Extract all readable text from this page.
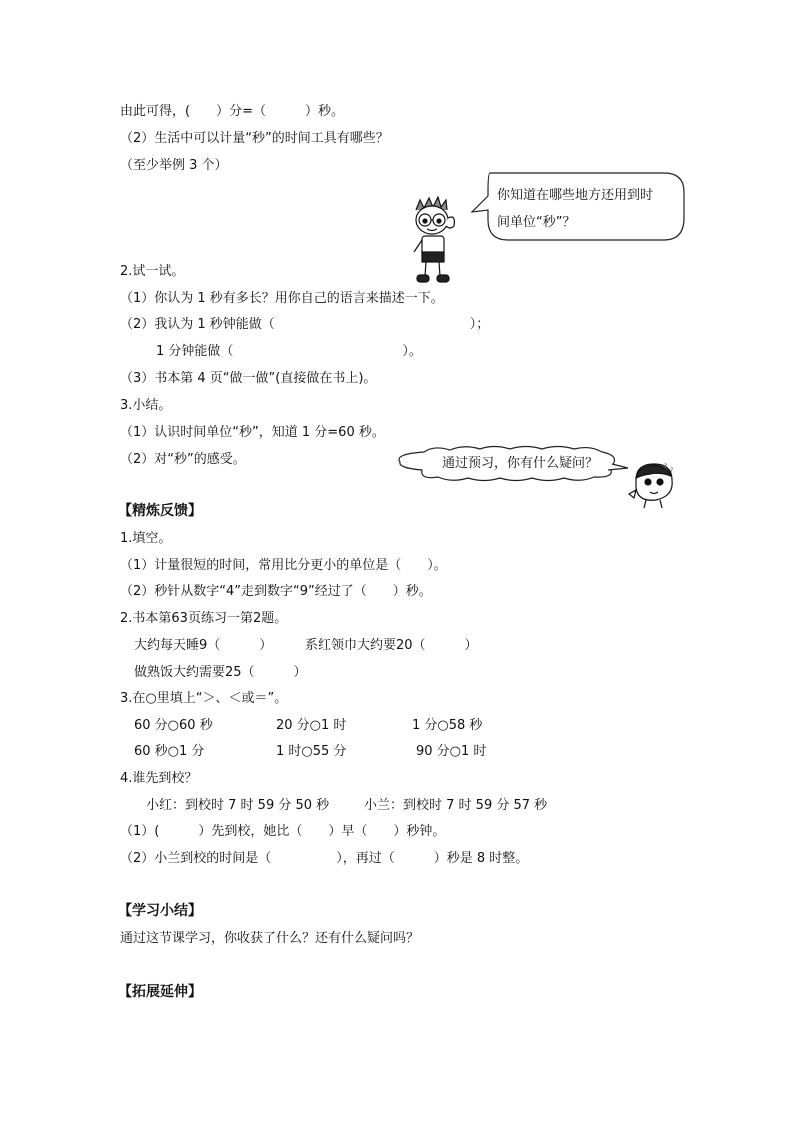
由此可得，(　　）分=（　　　）秒。
（2）生活中可以计量“秒”的时间工具有哪些？
（至少举例 3 个）
2.试一试。
（1）你认为 1 秒有多长？用你自己的语言来描述一下。
（2）我认为 1 秒钟能做（　　　　　　　　　　　　　　　）；
1 分钟能做（　　　　　　　　　　　　　）。
（3）书本第 4 页“做一做”(直接做在书上)。
3.小结。
（1）认识时间单位“秒”，知道 1 分=60 秒。
（2）对“秒”的感受。
【精炼反馈】
1.填空。
（1）计量很短的时间，常用比分更小的单位是（　　）。
（2）秒针从数字“4”走到数字“9”经过了（　　）秒。
2.书本第63页练习一第2题。
大约每天睡9（　　　）	系红领巾大约要20（　　　）
做熟饭大约需要25（　　　）
3.在○里填上“＞、＜或＝”。
60 分○60 秒	20 分○1 时	1 分○58 秒
60 秒○1 分	1 时○55 分	90 分○1 时
4.谁先到校？
小红：到校时 7 时 59 分 50 秒	小兰：到校时 7 时 59 分 57 秒
（1）(　　　）先到校，她比（　　）早（　　）秒钟。
（2）小兰到校的时间是（　　　　　），再过（　　　）秒是 8 时整。
【学习小结】
通过这节课学习，你收获了什么？还有什么疑问吗？
【拓展延伸】
你知道在哪些地方还用到时
间单位“秒”？
通过预习，你有什么疑问？	?
?
